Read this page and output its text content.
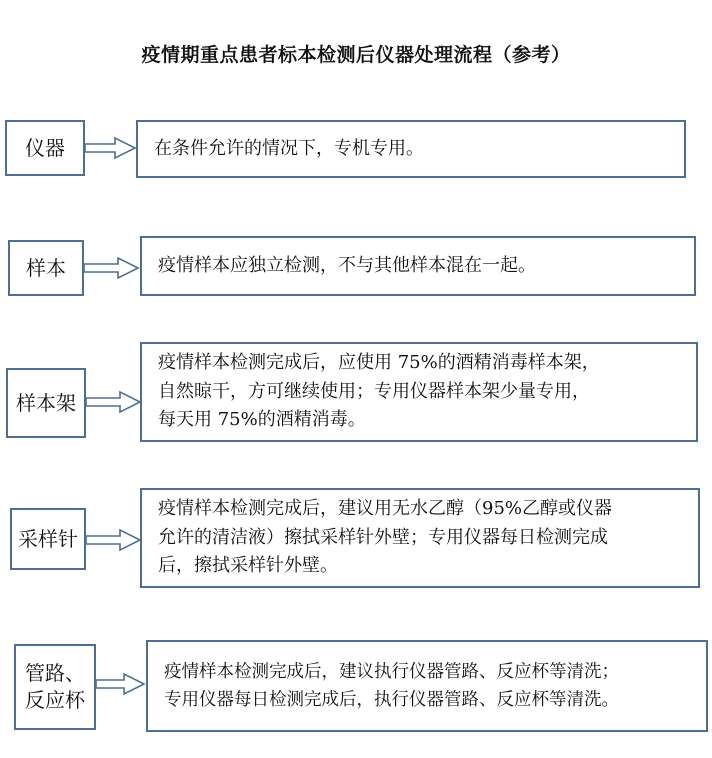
疫情期重点患者标本检测后仪器处理流程（参考）
仪器	在条件允许的情况下，专机专用。
样本	疫情样本应独立检测，不与其他样本混在一起。
样本架
疫情样本检测完成后，应使用 75%的酒精消毒样本架，
自然晾干，方可继续使用；专用仪器样本架少量专用，
每天用 75%的酒精消毒。
采样针
疫情样本检测完成后，建议用无水乙醇（95%乙醇或仪器
允许的清洁液）擦拭采样针外壁；专用仪器每日检测完成
后，擦拭采样针外壁。
管路、
反应杯
疫情样本检测完成后，建议执行仪器管路、反应杯等清洗；
专用仪器每日检测完成后，执行仪器管路、反应杯等清洗。
